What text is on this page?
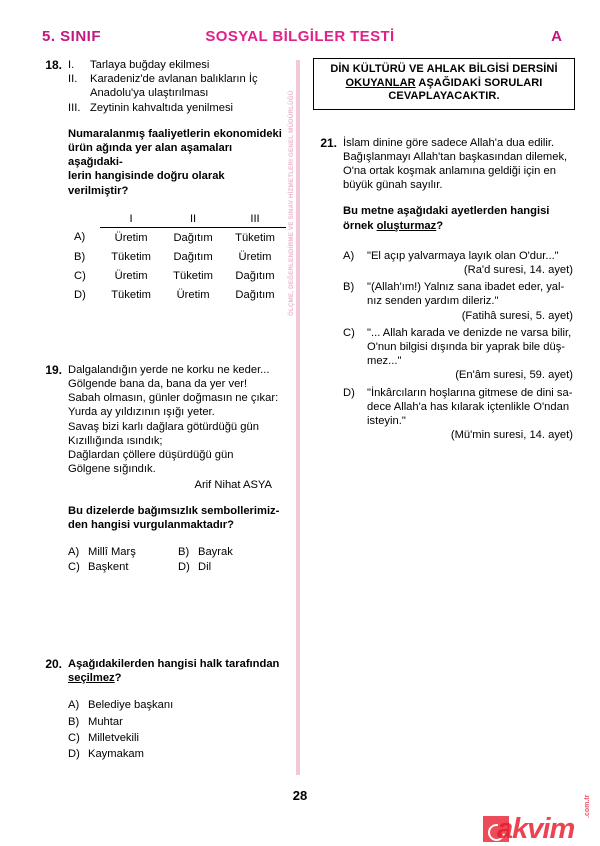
5. SINIF	SOSYAL BİLGİLER TESTİ	A
ÖLÇME, DEĞERLENDİRME VE SINAV HİZMETLERİ GENEL MÜDÜRLÜĞÜ
18. I.	Tarlaya buğday ekilmesi
II.	Karadeniz'de avlanan balıkların İç
Anadolu'ya ulaştırılması
III. Zeytinin kahvaltıda yenilmesi
Numaralanmış faaliyetlerin ekonomideki
ürün ağında yer alan aşamaları aşağıdaki-
lerin hangisinde doğru olarak verilmiştir?
	I	II	III
A)	Üretim	Dağıtım	Tüketim
B)	Tüketim	Dağıtım	Üretim
C)	Üretim	Tüketim	Dağıtım
D)	Tüketim	Üretim	Dağıtım
19. Dalgalandığın yerde ne korku ne keder...
Gölgende bana da, bana da yer ver!
Sabah olmasın, günler doğmasın ne çıkar:
Yurda ay yıldızının ışığı yeter.
Savaş bizi karlı dağlara götürdüğü gün
Kızıllığında ısındık;
Dağlardan çöllere düşürdüğü gün
Gölgene sığındık.
Arif Nihat ASYA
Bu dizelerde bağımsızlık sembollerimiz-
den hangisi vurgulanmaktadır?
A) Millî Marş	B) Bayrak
C) Başkent	D) Dil
20. Aşağıdakilerden hangisi halk tarafından
seçilmez?
A) Belediye başkanı
B) Muhtar
C) Milletvekili
D) Kaymakam
DİN KÜLTÜRÜ VE AHLAK BİLGİSİ DERSİNİ
OKUYANLAR AŞAĞIDAKİ SORULARI
CEVAPLAYACAKTIR.
21. İslam dinine göre sadece Allah'a dua edilir.
Bağışlanmayı Allah'tan başkasından dilemek,
O'na ortak koşmak anlamına geldiği için en
büyük günah sayılır.
Bu metne aşağıdaki ayetlerden hangisi
örnek oluşturmaz?
A) "El açıp yalvarmaya layık olan O'dur..."
(Ra'd suresi, 14. ayet)
B) "(Allah'ım!) Yalnız sana ibadet eder, yal-
nız senden yardım dileriz."
(Fatihâ suresi, 5. ayet)
C) "... Allah karada ve denizde ne varsa bilir,
O'nun bilgisi dışında bir yaprak bile düş-
mez..."
(En'âm suresi, 59. ayet)
D) "İnkârcıların hoşlarına gitmese de dini sa-
dece Allah'a has kılarak içtenlikle O'ndan
isteyin."
(Mü'min suresi, 14. ayet)
28
akvim
.com.tr
